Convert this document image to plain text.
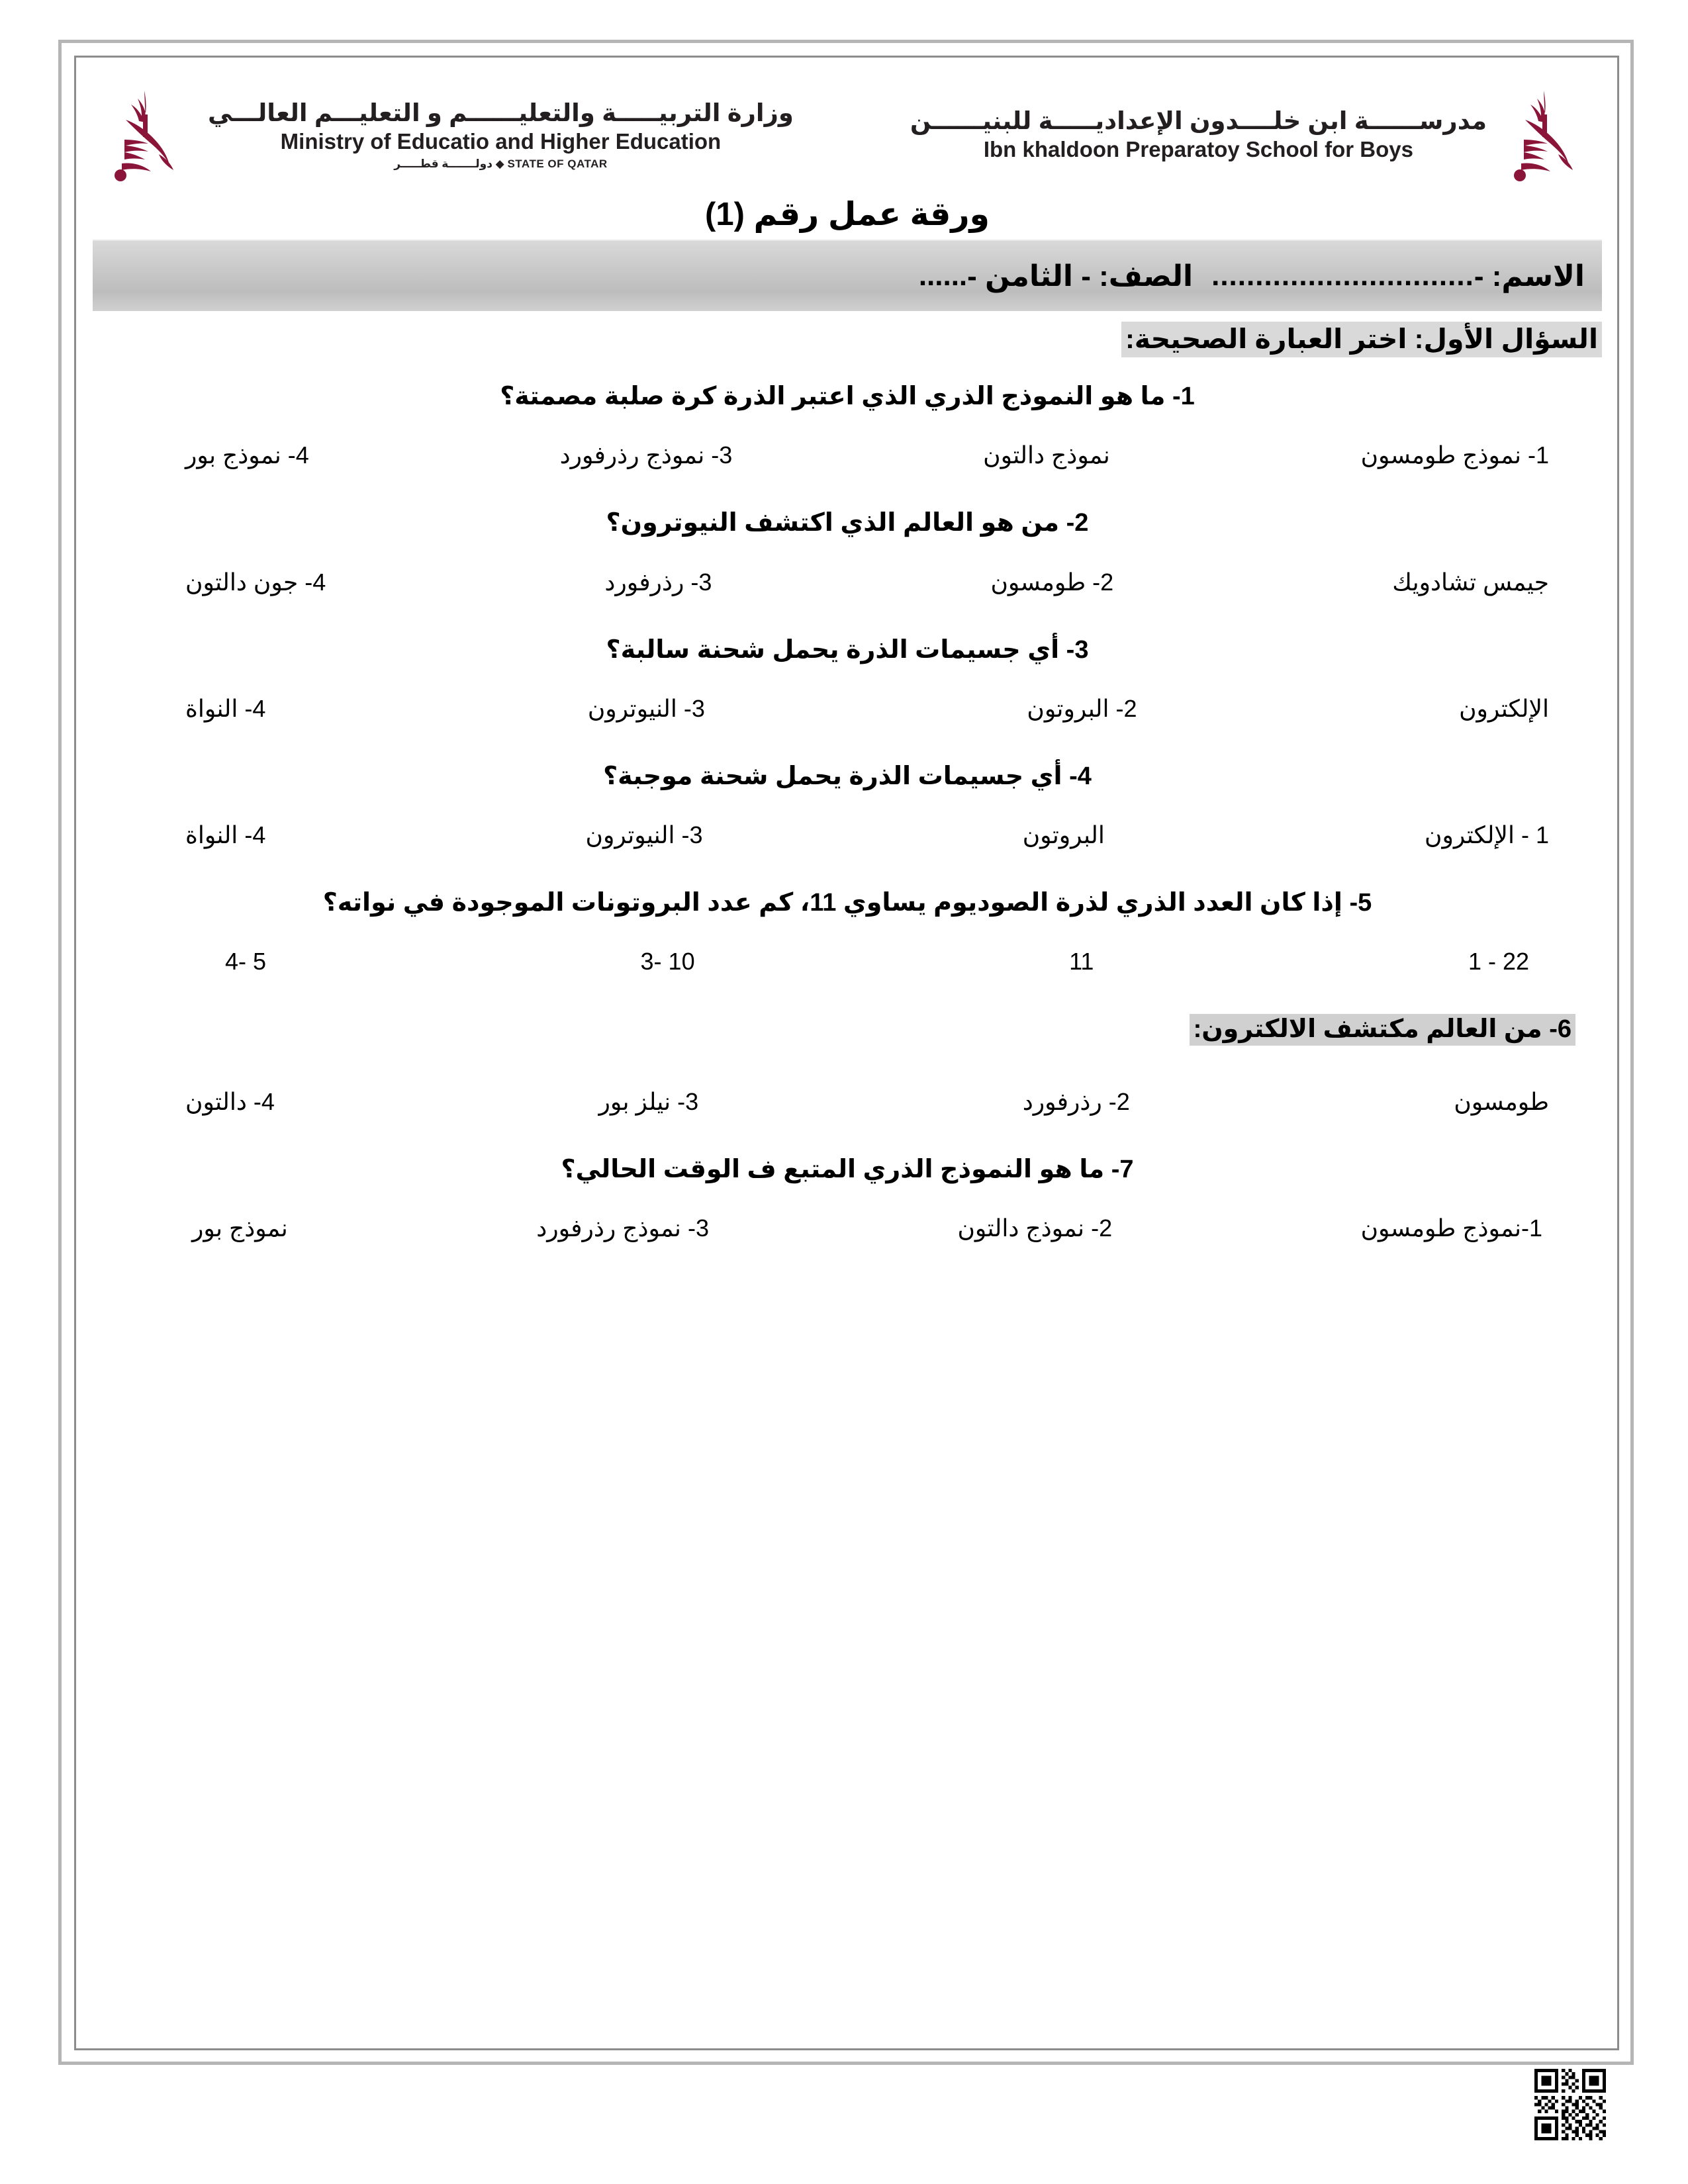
وزارة التربيـــــة والتعليــــــم و التعليـــم العالـــي
Ministry of Educatio and Higher Education
دولـــــــة قطـــــر ◆ STATE OF QATAR
مدرســــــة ابن خلــــدون الإعداديـــــة للبنيــــــن
Ibn khaldoon Preparatoy School for Boys
ورقة عمل رقم (1)
الاسم: -
..............................
الصف: - الثامن -
......
السؤال الأول: اختر العبارة الصحيحة:
1- ما هو النموذج الذري الذي اعتبر الذرة كرة صلبة مصمتة؟
1- نموذج طومسون
نموذج دالتون
3- نموذج رذرفورد
4- نموذج بور
2- من هو العالم الذي اكتشف النيوترون؟
جيمس تشادويك
2- طومسون
3- رذرفورد
4- جون دالتون
3- أي جسيمات الذرة يحمل شحنة سالبة؟
الإلكترون
2- البروتون
3- النيوترون
4- النواة
4- أي جسيمات الذرة يحمل شحنة موجبة؟
1 - الإلكترون
البروتون
3- النيوترون
4- النواة
5- إذا كان العدد الذري لذرة الصوديوم يساوي 11، كم عدد البروتونات الموجودة في نواته؟
1 - 22
11
3- 10
4- 5
6- من العالم مكتشف الالكترون:
طومسون
2- رذرفورد
3- نيلز بور
4- دالتون
7- ما هو النموذج الذري المتبع ف الوقت الحالي؟
1-نموذج طومسون
2- نموذج دالتون
3- نموذج رذرفورد
نموذج بور
